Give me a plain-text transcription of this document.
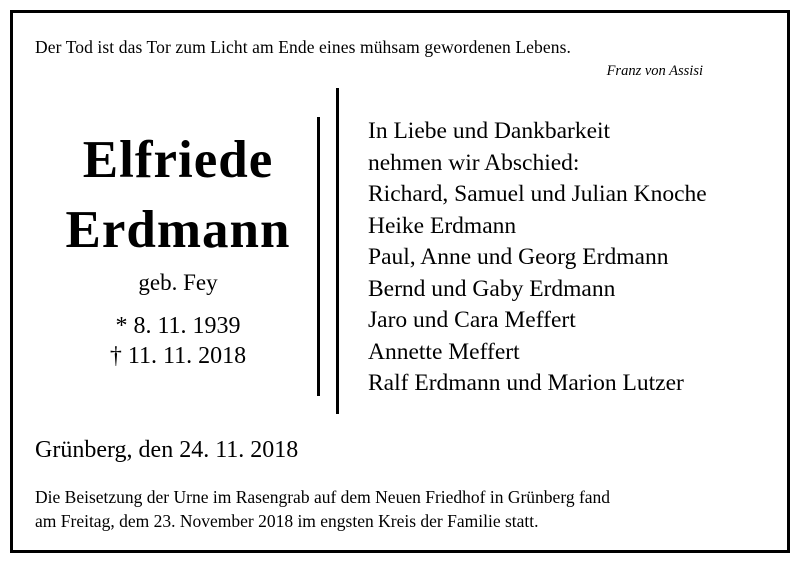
Der Tod ist das Tor zum Licht am Ende eines mühsam gewordenen Lebens.
Franz von Assisi
Elfriede
Erdmann
geb. Fey
* 8. 11. 1939
† 11. 11. 2018
In Liebe und Dankbarkeit
nehmen wir Abschied:
Richard, Samuel und Julian Knoche
Heike Erdmann
Paul, Anne und Georg Erdmann
Bernd und Gaby Erdmann
Jaro und Cara Meffert
Annette Meffert
Ralf Erdmann und Marion Lutzer
Grünberg, den 24. 11. 2018
Die Beisetzung der Urne im Rasengrab auf dem Neuen Friedhof in Grünberg fand
am Freitag, dem 23. November 2018 im engsten Kreis der Familie statt.
